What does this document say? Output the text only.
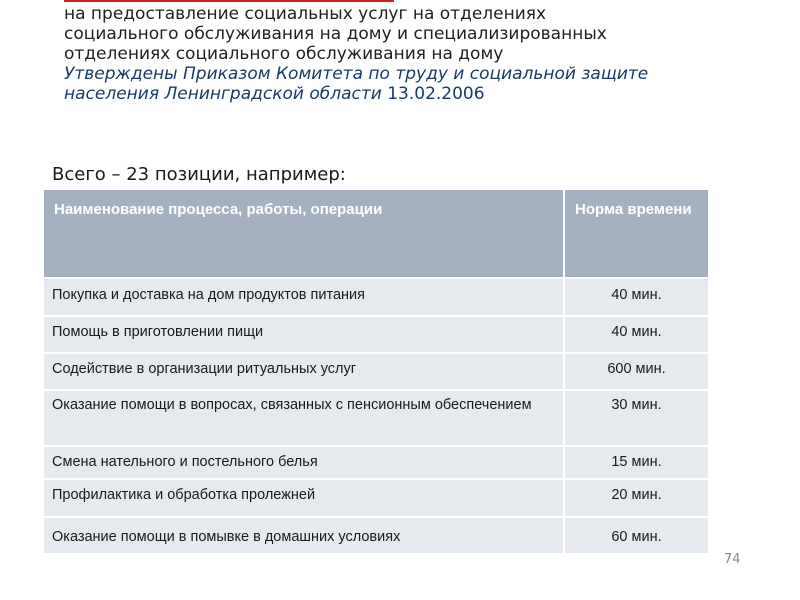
на предоставление социальных услуг на отделениях
социального обслуживания на дому и специализированных
отделениях социального обслуживания на дому
Утверждены Приказом Комитета по труду и социальной защите
населения Ленинградской области 13.02.2006
Всего – 23 позиции, например:
Наименование процесса, работы, операции	Норма времени
Покупка и доставка на дом продуктов питания	40 мин.
Помощь в приготовлении пищи	40 мин.
Содействие в организации ритуальных услуг	600 мин.
Оказание помощи в вопросах, связанных с пенсионным обеспечением	30 мин.
Смена нательного и постельного белья	15 мин.
Профилактика и обработка пролежней	20 мин.
Оказание помощи в помывке в домашних условиях	60 мин.
74
